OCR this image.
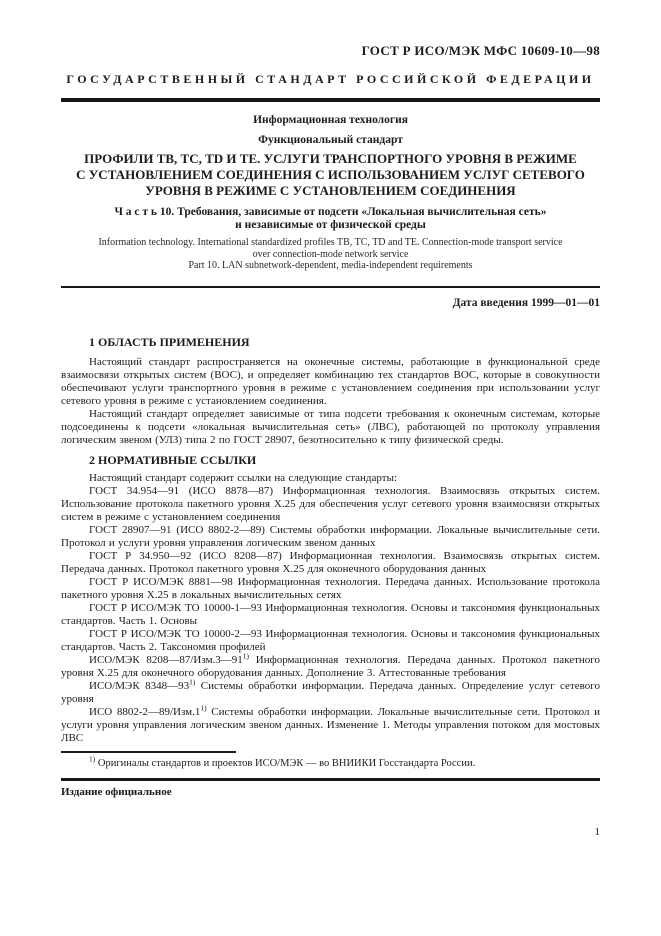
ГОСТ Р ИСО/МЭК МФС 10609-10—98
ГОСУДАРСТВЕННЫЙ СТАНДАРТ РОССИЙСКОЙ ФЕДЕРАЦИИ
Информационная технология
Функциональный стандарт
ПРОФИЛИ ТВ, ТС, TD И ТЕ. УСЛУГИ ТРАНСПОРТНОГО УРОВНЯ В РЕЖИМЕ
С УСТАНОВЛЕНИЕМ СОЕДИНЕНИЯ С ИСПОЛЬЗОВАНИЕМ УСЛУГ СЕТЕВОГО
УРОВНЯ В РЕЖИМЕ С УСТАНОВЛЕНИЕМ СОЕДИНЕНИЯ
Ч а с т ь 10. Требования, зависимые от подсети «Локальная вычислительная сеть»
и независимые от физической среды
Information technology. International standardized profiles TB, TC, TD and TE. Connection-mode transport service
over connection-mode network service
Part 10. LAN subnetwork-dependent, media-independent requirements
Дата введения 1999—01—01
1 ОБЛАСТЬ ПРИМЕНЕНИЯ

Настоящий стандарт распространяется на оконечные системы, работающие в функциональной среде взаимосвязи открытых систем (ВОС), и определяет комбинацию тех стандартов ВОС, которые в совокупности обеспечивают услуги транспортного уровня в режиме с установлением соединения при использовании услуг сетевого уровня в режиме с установлением соединения.

Настоящий стандарт определяет зависимые от типа подсети требования к оконечным системам, которые подсоединены к подсети «локальная вычислительная сеть» (ЛВС), работающей по протоколу управления логическим звеном (УЛЗ) типа 2 по ГОСТ 28907, безотносительно к типу физической среды.

2 НОРМАТИВНЫЕ ССЫЛКИ

Настоящий стандарт содержит ссылки на следующие стандарты:

ГОСТ 34.954—91 (ИСО 8878—87) Информационная технология. Взаимосвязь открытых систем. Использование протокола пакетного уровня Х.25 для обеспечения услуг сетевого уровня взаимосвязи открытых систем в режиме с установлением соединения

ГОСТ 28907—91 (ИСО 8802-2—89) Системы обработки информации. Локальные вычислительные сети. Протокол и услуги уровня управления логическим звеном данных

ГОСТ Р 34.950—92 (ИСО 8208—87) Информационная технология. Взаимосвязь открытых систем. Передача данных. Протокол пакетного уровня Х.25 для оконечного оборудования данных

ГОСТ Р ИСО/МЭК 8881—98 Информационная технология. Передача данных. Использование протокола пакетного уровня Х.25 в локальных вычислительных сетях

ГОСТ Р ИСО/МЭК ТО 10000-1—93 Информационная технология. Основы и таксономия функциональных стандартов. Часть 1. Основы

ГОСТ Р ИСО/МЭК ТО 10000-2—93 Информационная технология. Основы и таксономия функциональных стандартов. Часть 2. Таксономия профилей

ИСО/МЭК 8208—87/Изм.3—91$^{1)}$ Информационная технология. Передача данных. Протокол пакетного уровня Х.25 для оконечного оборудования данных. Дополнение 3. Аттестованные требования

ИСО/МЭК 8348—93$^{1)}$ Системы обработки информации. Передача данных. Определение услуг сетевого уровня

ИСО 8802-2—89/Изм.1$^{1)}$ Системы обработки информации. Локальные вычислительные сети. Протокол и услуги уровня управления логическим звеном данных. Изменение 1. Методы управления потоком для мостовых ЛВС

$^{1)}$ Оригиналы стандартов и проектов ИСО/МЭК — во ВНИИКИ Госстандарта России.

Издание официальное
1
